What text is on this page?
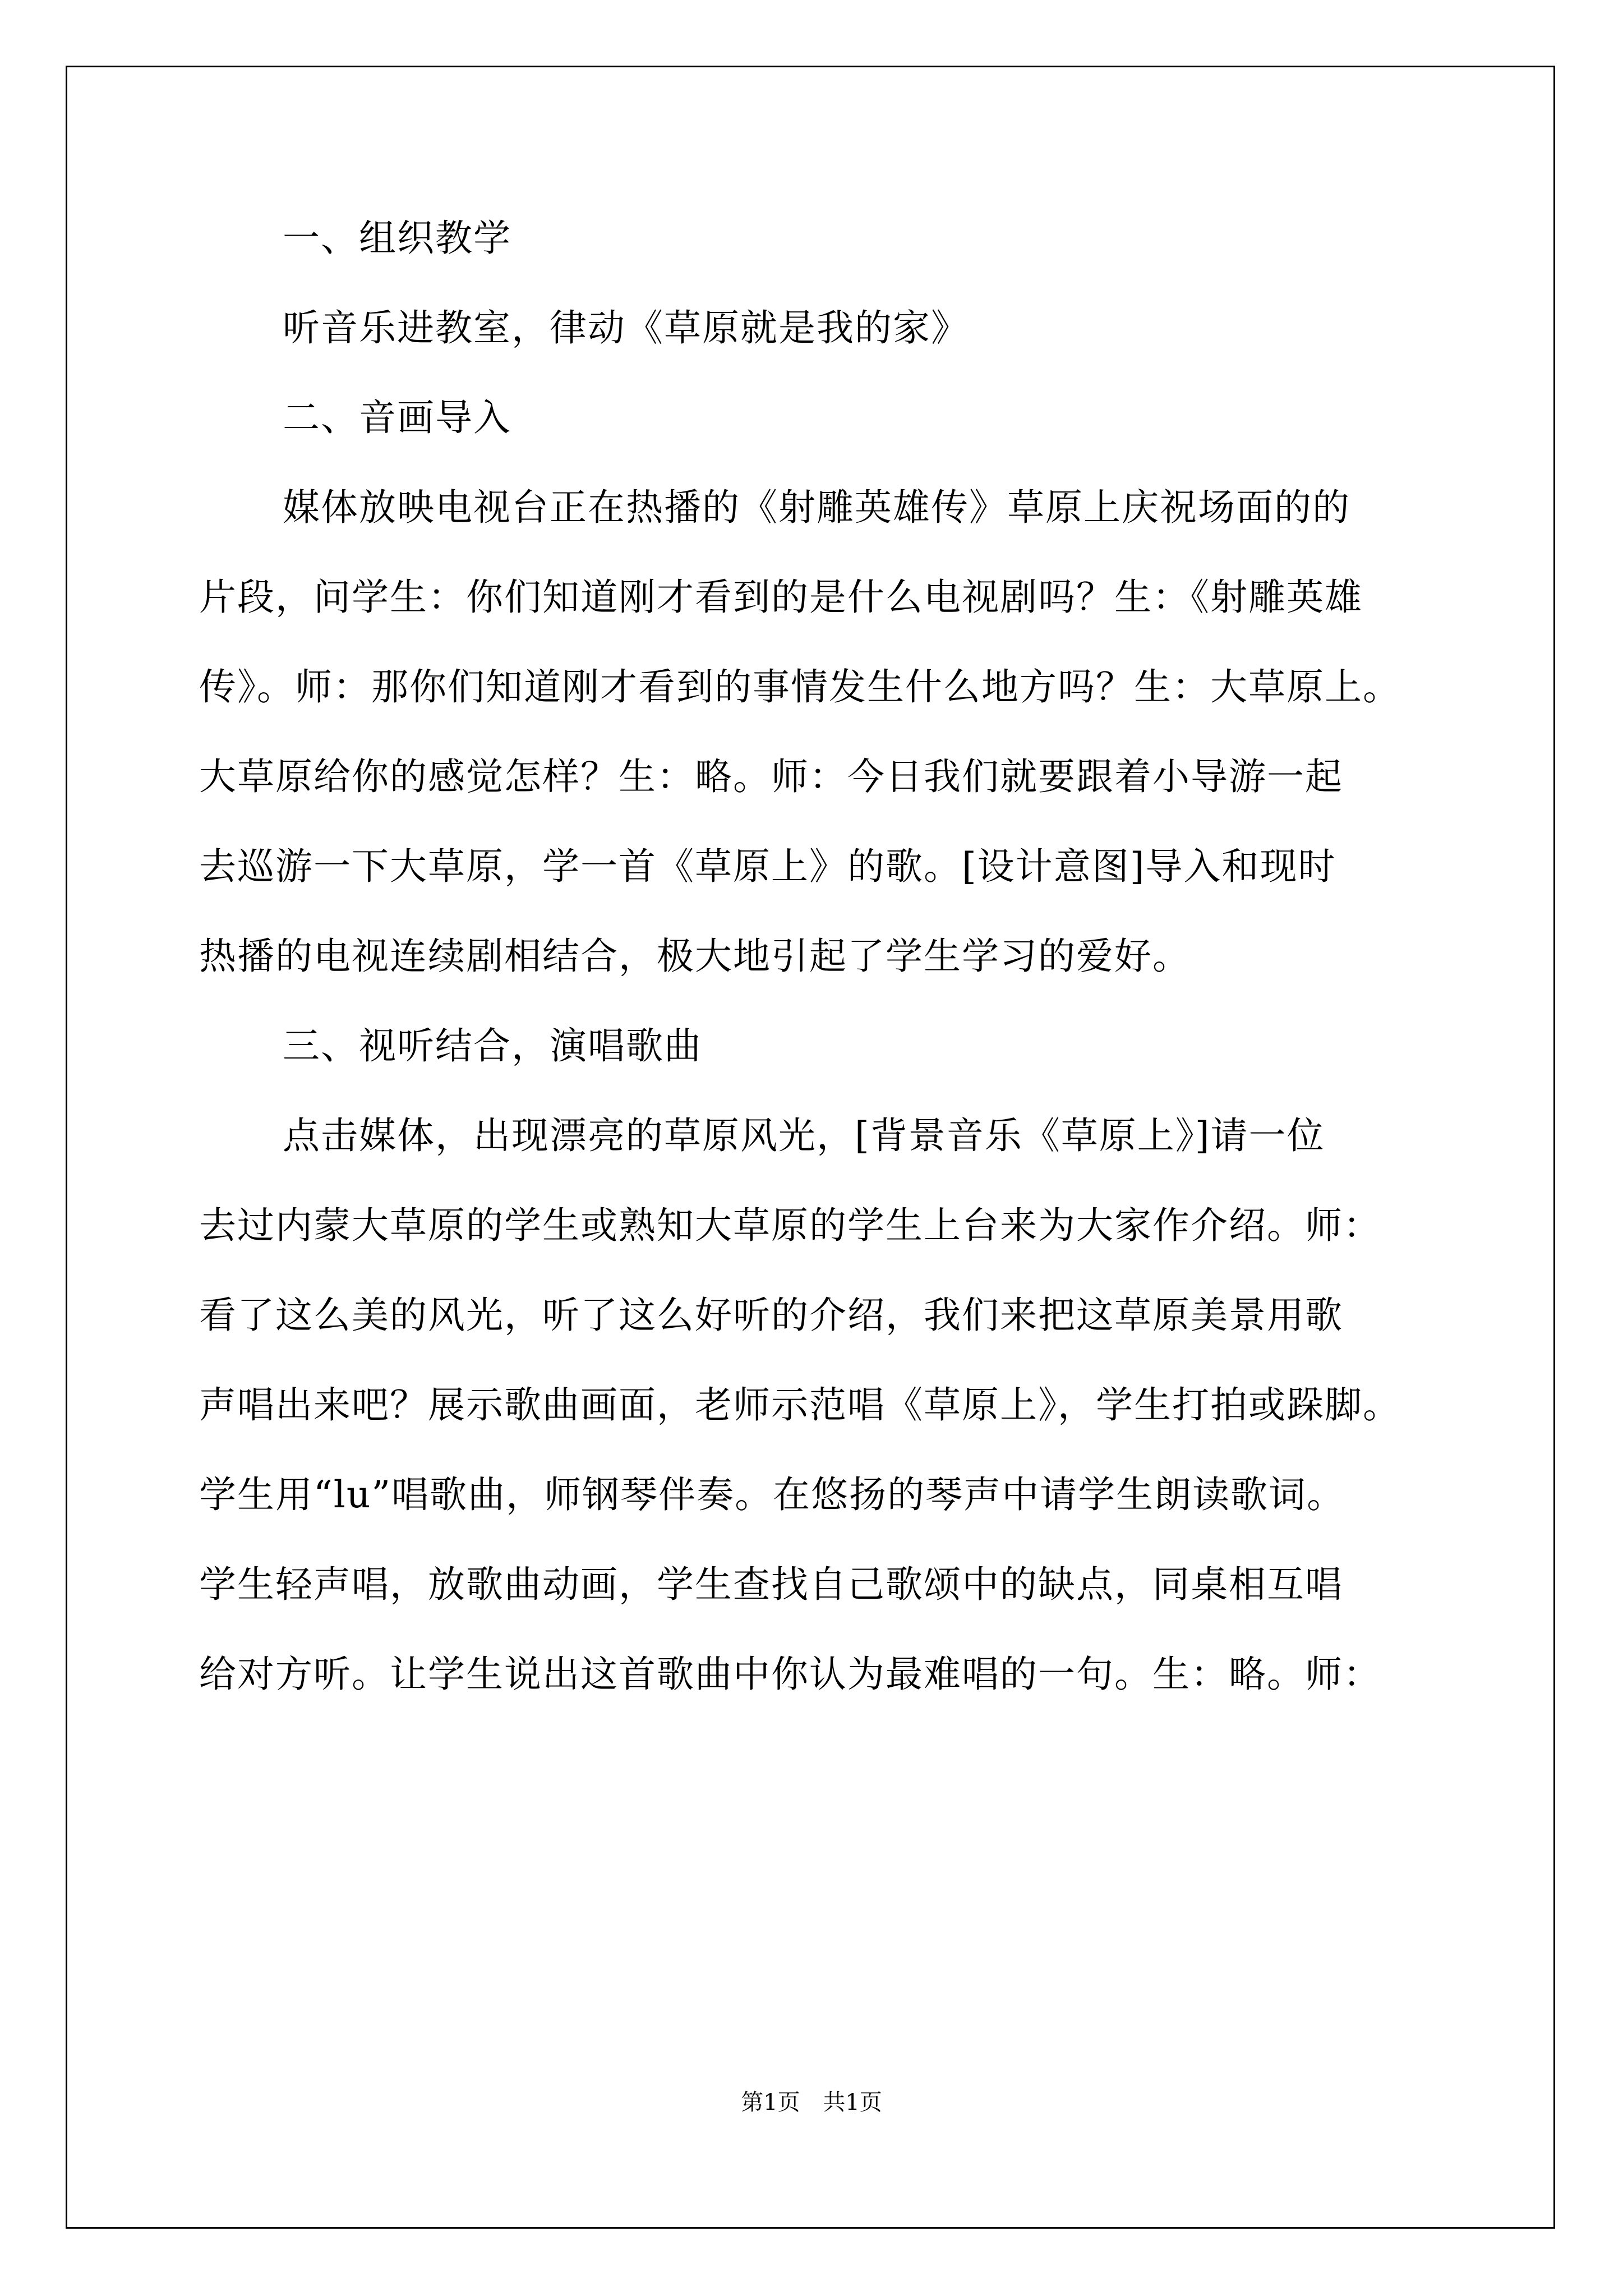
一、组织教学
听音乐进教室，律动《草原就是我的家》
二、音画导入
媒体放映电视台正在热播的《射雕英雄传》草原上庆祝场面的的
片段，问学生：你们知道刚才看到的是什么电视剧吗？生：《射雕英雄
传》。师：那你们知道刚才看到的事情发生什么地方吗？生：大草原上。
大草原给你的感觉怎样？生：略。师：今日我们就要跟着小导游一起
去巡游一下大草原，学一首《草原上》的歌。[设计意图]导入和现时
热播的电视连续剧相结合，极大地引起了学生学习的爱好。
三、视听结合，演唱歌曲
点击媒体，出现漂亮的草原风光，[背景音乐《草原上》]请一位
去过内蒙大草原的学生或熟知大草原的学生上台来为大家作介绍。师：
看了这么美的风光，听了这么好听的介绍，我们来把这草原美景用歌
声唱出来吧？展示歌曲画面，老师示范唱《草原上》，学生打拍或跺脚。
学生用“lu”唱歌曲，师钢琴伴奏。在悠扬的琴声中请学生朗读歌词。
学生轻声唱，放歌曲动画，学生查找自己歌颂中的缺点，同桌相互唱
给对方听。让学生说出这首歌曲中你认为最难唱的一句。生：略。师：
第1页 共1页
